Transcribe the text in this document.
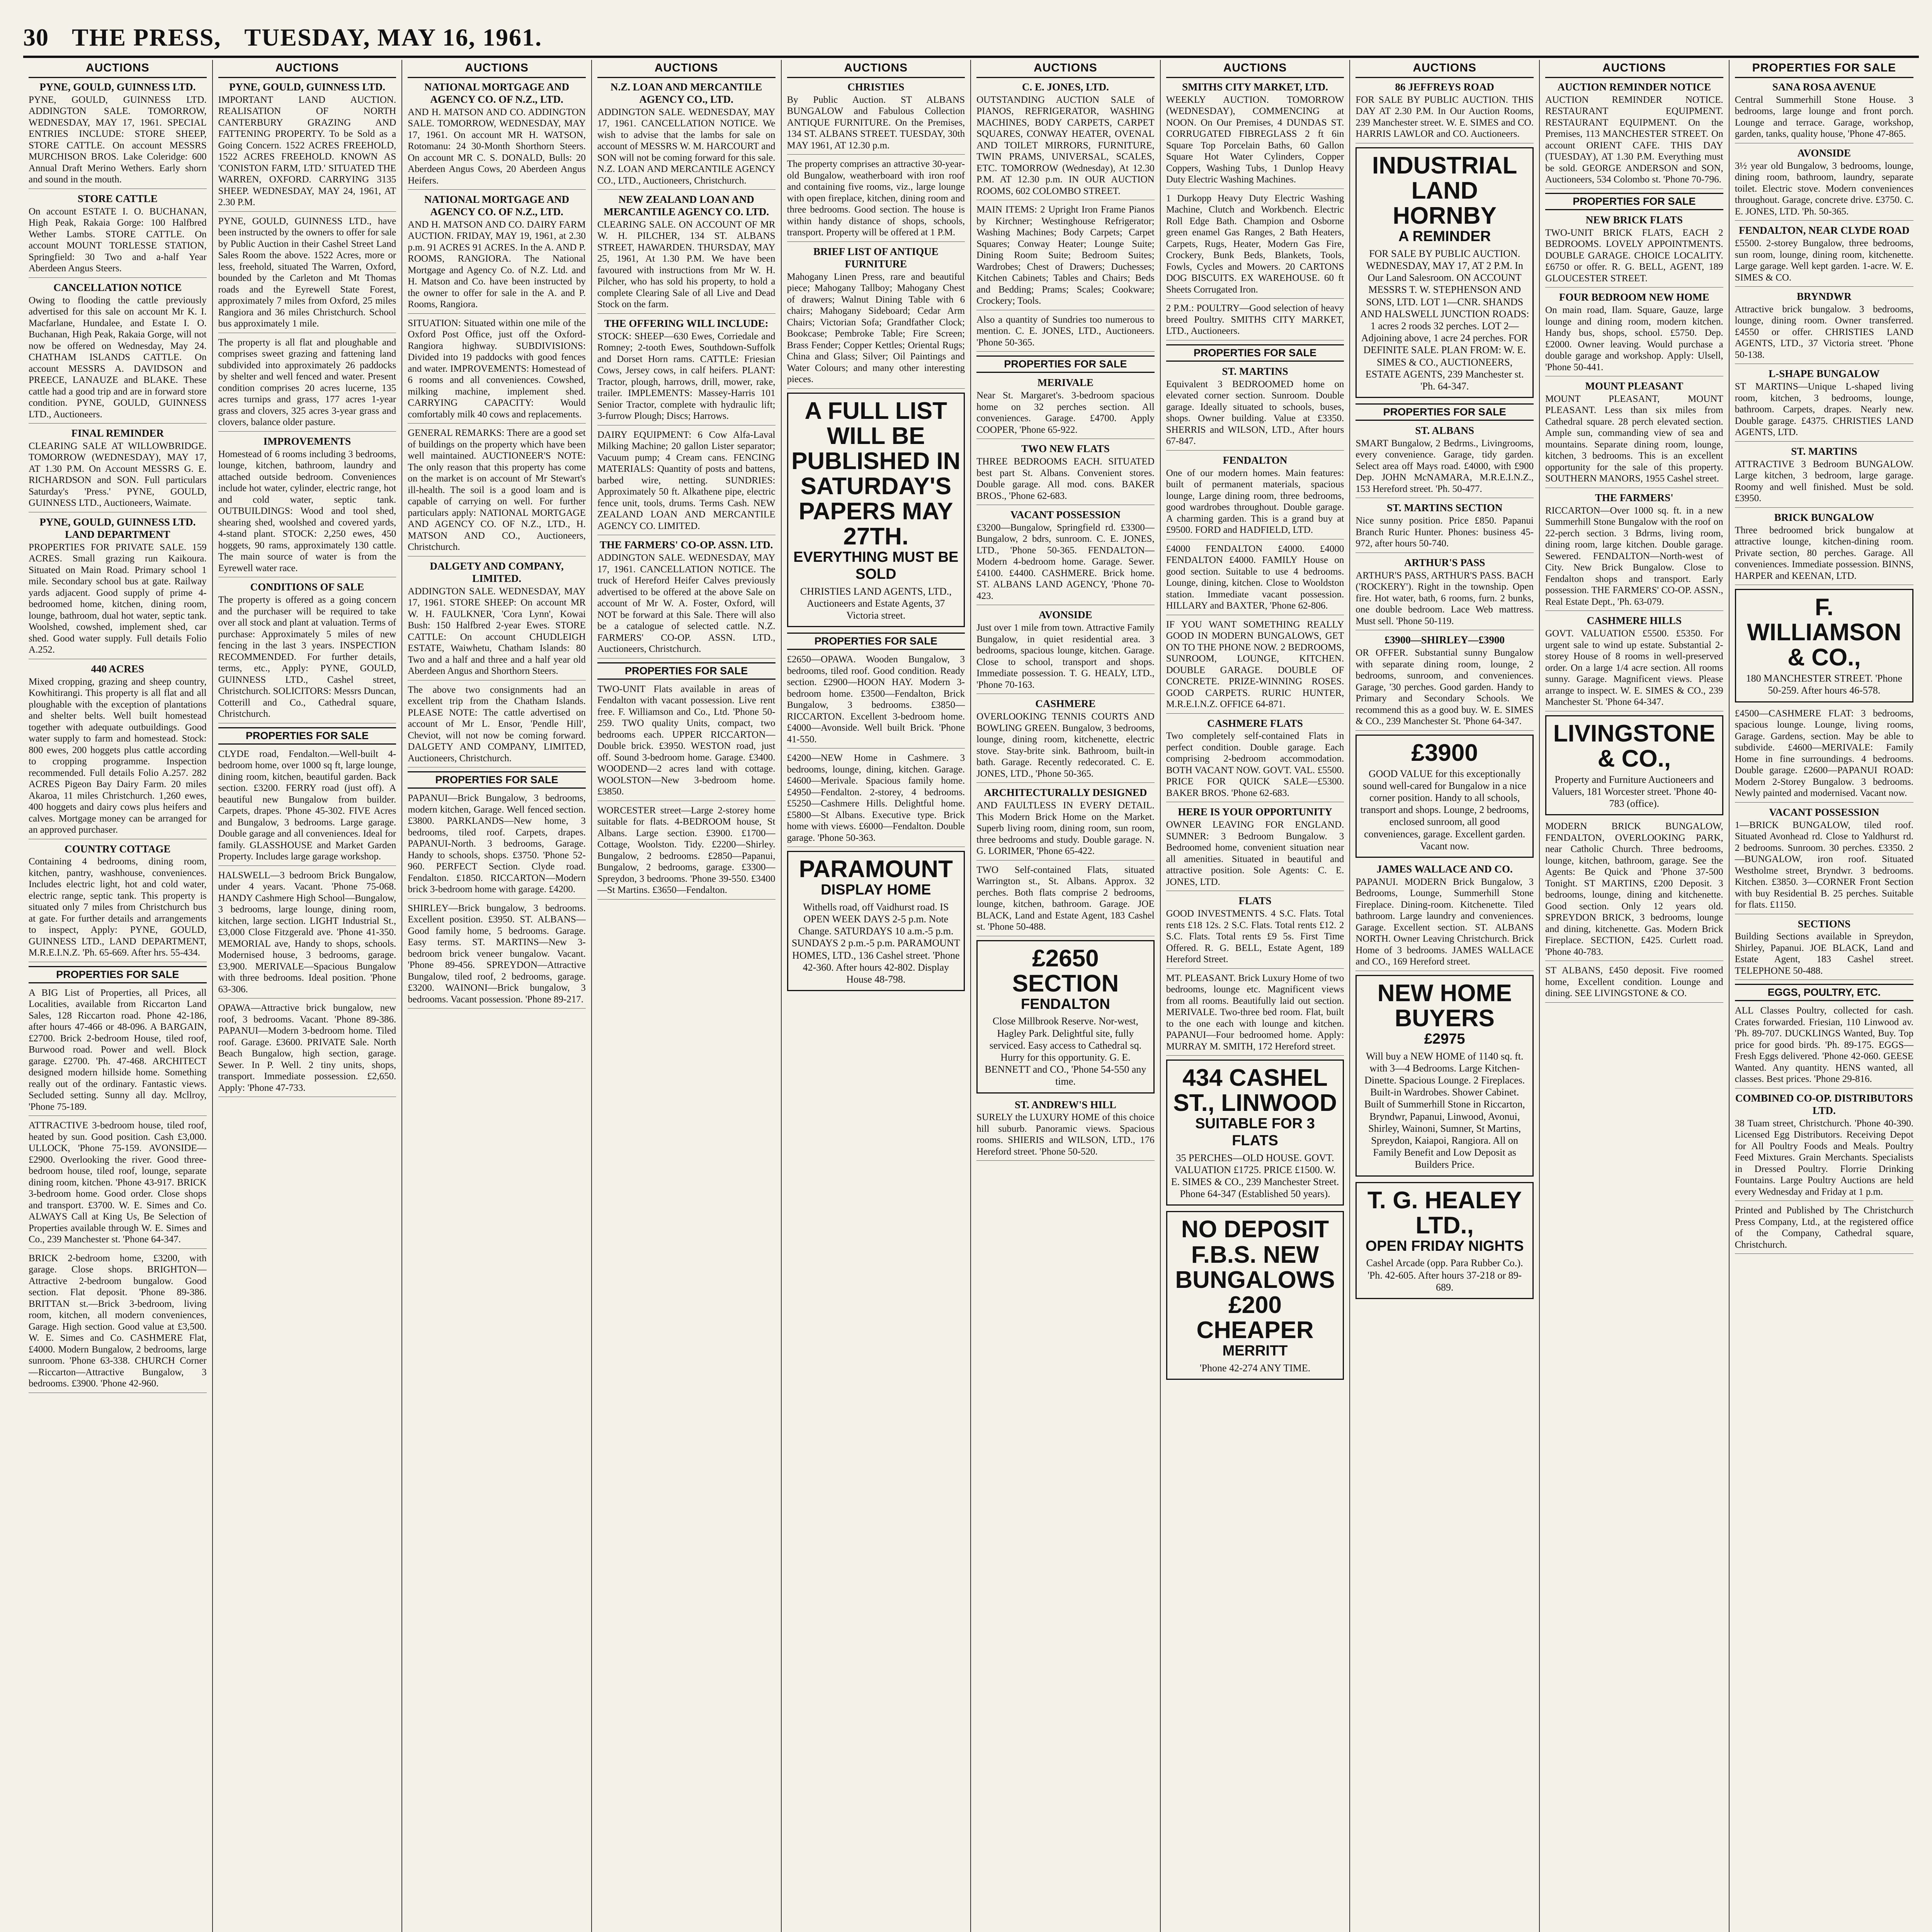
30 THE PRESS, TUESDAY, MAY 16, 1961.
AUCTIONS
PYNE, GOULD, GUINNESS LTD.
PYNE, GOULD, GUINNESS LTD. ADDINGTON SALE. TOMORROW, WEDNESDAY, MAY 17, 1961. SPECIAL ENTRIES INCLUDE: STORE SHEEP, STORE CATTLE. On account MESSRS MURCHISON BROS. Lake Coleridge: 600 Annual Draft Merino Wethers. Early shorn and sound in the mouth.
STORE CATTLE
On account ESTATE I. O. BUCHANAN, High Peak, Rakaia Gorge: 100 Halfbred Wether Lambs. STORE CATTLE. On account MOUNT TORLESSE STATION, Springfield: 30 Two and a-half Year Aberdeen Angus Steers.
CANCELLATION NOTICE
Owing to flooding the cattle previously advertised for this sale on account Mr K. I. Macfarlane, Hundalee, and Estate I. O. Buchanan, High Peak, Rakaia Gorge, will not now be offered on Wednesday, May 24. CHATHAM ISLANDS CATTLE. On account MESSRS A. DAVIDSON and PREECE, LANAUZE and BLAKE. These cattle had a good trip and are in forward store condition. PYNE, GOULD, GUINNESS LTD., Auctioneers.
FINAL REMINDER
CLEARING SALE AT WILLOWBRIDGE. TOMORROW (WEDNESDAY), MAY 17, AT 1.30 P.M. On Account MESSRS G. E. RICHARDSON and SON. Full particulars Saturday's 'Press.' PYNE, GOULD, GUINNESS LTD., Auctioneers, Waimate.
PYNE, GOULD, GUINNESS LTD. LAND DEPARTMENT
PROPERTIES FOR PRIVATE SALE. 159 ACRES. Small grazing run Kaikoura. Situated on Main Road. Primary school 1 mile. Secondary school bus at gate. Railway yards adjacent. Good supply of prime 4-bedroomed home, kitchen, dining room, lounge, bathroom, dual hot water, septic tank. Woolshed, cowshed, implement shed, car shed. Good water supply. Full details Folio A.252.
440 ACRES
Mixed cropping, grazing and sheep country, Kowhitirangi. This property is all flat and all ploughable with the exception of plantations and shelter belts. Well built homestead together with adequate outbuildings. Good water supply to farm and homestead. Stock: 800 ewes, 200 hoggets plus cattle according to cropping programme. Inspection recommended. Full details Folio A.257. 282 ACRES Pigeon Bay Dairy Farm. 20 miles Akaroa, 11 miles Christchurch. 1,260 ewes, 400 hoggets and dairy cows plus heifers and calves. Mortgage money can be arranged for an approved purchaser.
COUNTRY COTTAGE
Containing 4 bedrooms, dining room, kitchen, pantry, washhouse, conveniences. Includes electric light, hot and cold water, electric range, septic tank. This property is situated only 7 miles from Christchurch bus at gate. For further details and arrangements to inspect, Apply: PYNE, GOULD, GUINNESS LTD., LAND DEPARTMENT, M.R.E.I.N.Z. 'Ph. 65-669. After hrs. 55-434.
PROPERTIES FOR SALE
A BIG List of Properties, all Prices, all Localities, available from Riccarton Land Sales, 128 Riccarton road. Phone 42-186, after hours 47-466 or 48-096. A BARGAIN, £2700. Brick 2-bedroom House, tiled roof, Burwood road. Power and well. Block garage. £2700. 'Ph. 47-468. ARCHITECT designed modern hillside home. Something really out of the ordinary. Fantastic views. Secluded setting. Sunny all day. Mcllroy, 'Phone 75-189.
ATTRACTIVE 3-bedroom house, tiled roof, heated by sun. Good position. Cash £3,000. ULLOCK, 'Phone 75-159. AVONSIDE—£2900. Overlooking the river. Good three-bedroom house, tiled roof, lounge, separate dining room, kitchen. 'Phone 43-917. BRICK 3-bedroom home. Good order. Close shops and transport. £3700. W. E. Simes and Co. ALWAYS Call at King Us, Be Selection of Properties available through W. E. Simes and Co., 239 Manchester st. 'Phone 64-347.
BRICK 2-bedroom home, £3200, with garage. Close shops. BRIGHTON—Attractive 2-bedroom bungalow. Good section. Flat deposit. 'Phone 89-386. BRITTAN st.—Brick 3-bedroom, living room, kitchen, all modern conveniences, Garage. High section. Good value at £3,500. W. E. Simes and Co. CASHMERE Flat, £4000. Modern Bungalow, 2 bedrooms, large sunroom. 'Phone 63-338. CHURCH Corner—Riccarton—Attractive Bungalow, 3 bedrooms. £3900. 'Phone 42-960.
AUCTIONS
PYNE, GOULD, GUINNESS LTD.
IMPORTANT LAND AUCTION. REALISATION OF NORTH CANTERBURY GRAZING AND FATTENING PROPERTY. To be Sold as a Going Concern. 1522 ACRES FREEHOLD, 1522 ACRES FREEHOLD. KNOWN AS 'CONISTON FARM, LTD.' SITUATED THE WARREN, OXFORD. CARRYING 3135 SHEEP. WEDNESDAY, MAY 24, 1961, AT 2.30 P.M.
PYNE, GOULD, GUINNESS LTD., have been instructed by the owners to offer for sale by Public Auction in their Cashel Street Land Sales Room the above. 1522 Acres, more or less, freehold, situated The Warren, Oxford, bounded by the Carleton and Mt Thomas roads and the Eyrewell State Forest, approximately 7 miles from Oxford, 25 miles Rangiora and 36 miles Christchurch. School bus approximately 1 mile.
The property is all flat and ploughable and comprises sweet grazing and fattening land subdivided into approximately 26 paddocks by shelter and well fenced and water. Present condition comprises 20 acres lucerne, 135 acres turnips and grass, 177 acres 1-year grass and clovers, 325 acres 3-year grass and clovers, balance older pasture.
IMPROVEMENTS
Homestead of 6 rooms including 3 bedrooms, lounge, kitchen, bathroom, laundry and attached outside bedroom. Conveniences include hot water, cylinder, electric range, hot and cold water, septic tank. OUTBUILDINGS: Wood and tool shed, shearing shed, woolshed and covered yards, 4-stand plant. STOCK: 2,250 ewes, 450 hoggets, 90 rams, approximately 130 cattle. The main source of water is from the Eyrewell water race.
CONDITIONS OF SALE
The property is offered as a going concern and the purchaser will be required to take over all stock and plant at valuation. Terms of purchase: Approximately 5 miles of new fencing in the last 3 years. INSPECTION RECOMMENDED. For further details, terms, etc., Apply: PYNE, GOULD, GUINNESS LTD., Cashel street, Christchurch. SOLICITORS: Messrs Duncan, Cotterill and Co., Cathedral square, Christchurch.
PROPERTIES FOR SALE
CLYDE road, Fendalton.—Well-built 4-bedroom home, over 1000 sq ft, large lounge, dining room, kitchen, beautiful garden. Back section. £3200. FERRY road (just off). A beautiful new Bungalow from builder. Carpets, drapes. 'Phone 45-302. FIVE Acres and Bungalow, 3 bedrooms. Large garage. Double garage and all conveniences. Ideal for family. GLASSHOUSE and Market Garden Property. Includes large garage workshop.
HALSWELL—3 bedroom Brick Bungalow, under 4 years. Vacant. 'Phone 75-068. HANDY Cashmere High School—Bungalow, 3 bedrooms, large lounge, dining room, kitchen, large section. LIGHT Industrial St., £3,000 Close Fitzgerald ave. 'Phone 41-350. MEMORIAL ave, Handy to shops, schools. Modernised house, 3 bedrooms, garage. £3,900. MERIVALE—Spacious Bungalow with three bedrooms. Ideal position. 'Phone 63-306.
OPAWA—Attractive brick bungalow, new roof, 3 bedrooms. Vacant. 'Phone 89-386. PAPANUI—Modern 3-bedroom home. Tiled roof. Garage. £3600. PRIVATE Sale. North Beach Bungalow, high section, garage. Sewer. In P. Well. 2 tiny units, shops, transport. Immediate possession. £2,650. Apply: 'Phone 47-733.
AUCTIONS
NATIONAL MORTGAGE AND AGENCY CO. OF N.Z., LTD.
AND H. MATSON AND CO. ADDINGTON SALE. TOMORROW, WEDNESDAY, MAY 17, 1961. On account MR H. WATSON, Rotomanu: 24 30-Month Shorthorn Steers. On account MR C. S. DONALD, Bulls: 20 Aberdeen Angus Cows, 20 Aberdeen Angus Heifers.
NATIONAL MORTGAGE AND AGENCY CO. OF N.Z., LTD.
AND H. MATSON AND CO. DAIRY FARM AUCTION. FRIDAY, MAY 19, 1961, at 2.30 p.m. 91 ACRES 91 ACRES. In the A. AND P. ROOMS, RANGIORA. The National Mortgage and Agency Co. of N.Z. Ltd. and H. Matson and Co. have been instructed by the owner to offer for sale in the A. and P. Rooms, Rangiora.
SITUATION: Situated within one mile of the Oxford Post Office, just off the Oxford-Rangiora highway. SUBDIVISIONS: Divided into 19 paddocks with good fences and water. IMPROVEMENTS: Homestead of 6 rooms and all conveniences. Cowshed, milking machine, implement shed. CARRYING CAPACITY: Would comfortably milk 40 cows and replacements.
GENERAL REMARKS: There are a good set of buildings on the property which have been well maintained. AUCTIONEER'S NOTE: The only reason that this property has come on the market is on account of Mr Stewart's ill-health. The soil is a good loam and is capable of carrying on well. For further particulars apply: NATIONAL MORTGAGE AND AGENCY CO. OF N.Z., LTD., H. MATSON AND CO., Auctioneers, Christchurch.
DALGETY AND COMPANY, LIMITED.
ADDINGTON SALE. WEDNESDAY, MAY 17, 1961. STORE SHEEP: On account MR W. H. FAULKNER, 'Cora Lynn', Kowai Bush: 150 Halfbred 2-year Ewes. STORE CATTLE: On account CHUDLEIGH ESTATE, Waiwhetu, Chatham Islands: 80 Two and a half and three and a half year old Aberdeen Angus and Shorthorn Steers.
The above two consignments had an excellent trip from the Chatham Islands. PLEASE NOTE: The cattle advertised on account of Mr L. Ensor, 'Pendle Hill', Cheviot, will not now be coming forward. DALGETY AND COMPANY, LIMITED, Auctioneers, Christchurch.
PROPERTIES FOR SALE
PAPANUI—Brick Bungalow, 3 bedrooms, modern kitchen, Garage. Well fenced section. £3800. PARKLANDS—New home, 3 bedrooms, tiled roof. Carpets, drapes. PAPANUI-North. 3 bedrooms, Garage. Handy to schools, shops. £3750. 'Phone 52-960. PERFECT Section. Clyde road. Fendalton. £1850. RICCARTON—Modern brick 3-bedroom home with garage. £4200.
SHIRLEY—Brick bungalow, 3 bedrooms. Excellent position. £3950. ST. ALBANS—Good family home, 5 bedrooms. Garage. Easy terms. ST. MARTINS—New 3-bedroom brick veneer bungalow. Vacant. 'Phone 89-456. SPREYDON—Attractive Bungalow, tiled roof, 2 bedrooms, garage. £3200. WAINONI—Brick bungalow, 3 bedrooms. Vacant possession. 'Phone 89-217.
AUCTIONS
N.Z. LOAN AND MERCANTILE AGENCY CO., LTD.
ADDINGTON SALE. WEDNESDAY, MAY 17, 1961. CANCELLATION NOTICE. We wish to advise that the lambs for sale on account of MESSRS W. M. HARCOURT and SON will not be coming forward for this sale. N.Z. LOAN AND MERCANTILE AGENCY CO., LTD., Auctioneers, Christchurch.
NEW ZEALAND LOAN AND MERCANTILE AGENCY CO. LTD.
CLEARING SALE. ON ACCOUNT OF MR W. H. PILCHER, 134 ST. ALBANS STREET, HAWARDEN. THURSDAY, MAY 25, 1961, At 1.30 P.M. We have been favoured with instructions from Mr W. H. Pilcher, who has sold his property, to hold a complete Clearing Sale of all Live and Dead Stock on the farm.
THE OFFERING WILL INCLUDE:
STOCK: SHEEP—630 Ewes, Corriedale and Romney; 2-tooth Ewes, Southdown-Suffolk and Dorset Horn rams. CATTLE: Friesian Cows, Jersey cows, in calf heifers. PLANT: Tractor, plough, harrows, drill, mower, rake, trailer. IMPLEMENTS: Massey-Harris 101 Senior Tractor, complete with hydraulic lift; 3-furrow Plough; Discs; Harrows.
DAIRY EQUIPMENT: 6 Cow Alfa-Laval Milking Machine; 20 gallon Lister separator; Vacuum pump; 4 Cream cans. FENCING MATERIALS: Quantity of posts and battens, barbed wire, netting. SUNDRIES: Approximately 50 ft. Alkathene pipe, electric fence unit, tools, drums. Terms Cash. NEW ZEALAND LOAN AND MERCANTILE AGENCY CO. LIMITED.
THE FARMERS' CO-OP. ASSN. LTD.
ADDINGTON SALE. WEDNESDAY, MAY 17, 1961. CANCELLATION NOTICE. The truck of Hereford Heifer Calves previously advertised to be offered at the above Sale on account of Mr W. A. Foster, Oxford, will NOT be forward at this Sale. There will also be a catalogue of selected cattle. N.Z. FARMERS' CO-OP. ASSN. LTD., Auctioneers, Christchurch.
PROPERTIES FOR SALE
TWO-UNIT Flats available in areas of Fendalton with vacant possession. Live rent free. F. Williamson and Co., Ltd. 'Phone 50-259. TWO quality Units, compact, two bedrooms each. UPPER RICCARTON—Double brick. £3950. WESTON road, just off. Sound 3-bedroom home. Garage. £3400. WOODEND—2 acres land with cottage. WOOLSTON—New 3-bedroom home. £3850.
WORCESTER street—Large 2-storey home suitable for flats. 4-BEDROOM house, St Albans. Large section. £3900. £1700—Cottage, Woolston. Tidy. £2200—Shirley. Bungalow, 2 bedrooms. £2850—Papanui, Bungalow, 2 bedrooms, garage. £3300—Spreydon, 3 bedrooms. 'Phone 39-550. £3400—St Martins. £3650—Fendalton.
AUCTIONS
CHRISTIES
By Public Auction. ST ALBANS BUNGALOW and Fabulous Collection ANTIQUE FURNITURE. On the Premises, 134 ST. ALBANS STREET. TUESDAY, 30th MAY 1961, AT 12.30 p.m.
The property comprises an attractive 30-year-old Bungalow, weatherboard with iron roof and containing five rooms, viz., large lounge with open fireplace, kitchen, dining room and three bedrooms. Good section. The house is within handy distance of shops, schools, transport. Property will be offered at 1 P.M.
BRIEF LIST OF ANTIQUE FURNITURE
Mahogany Linen Press, rare and beautiful piece; Mahogany Tallboy; Mahogany Chest of drawers; Walnut Dining Table with 6 chairs; Mahogany Sideboard; Cedar Arm Chairs; Victorian Sofa; Grandfather Clock; Bookcase; Pembroke Table; Fire Screen; Brass Fender; Copper Kettles; Oriental Rugs; China and Glass; Silver; Oil Paintings and Water Colours; and many other interesting pieces.
A FULL LIST WILL BE PUBLISHED IN SATURDAY'S PAPERS MAY 27TH.
EVERYTHING MUST BE SOLD
CHRISTIES LAND AGENTS, LTD., Auctioneers and Estate Agents, 37 Victoria street.
PROPERTIES FOR SALE
£2650—OPAWA. Wooden Bungalow, 3 bedrooms, tiled roof. Good condition. Ready section. £2900—HOON HAY. Modern 3-bedroom home. £3500—Fendalton, Brick Bungalow, 3 bedrooms. £3850—RICCARTON. Excellent 3-bedroom home. £4000—Avonside. Well built Brick. 'Phone 41-550.
£4200—NEW Home in Cashmere. 3 bedrooms, lounge, dining, kitchen. Garage. £4600—Merivale. Spacious family home. £4950—Fendalton. 2-storey, 4 bedrooms. £5250—Cashmere Hills. Delightful home. £5800—St Albans. Executive type. Brick home with views. £6000—Fendalton. Double garage. 'Phone 50-363.
PARAMOUNT
DISPLAY HOME
Withells road, off Vaidhurst road. IS OPEN WEEK DAYS 2-5 p.m. Note Change. SATURDAYS 10 a.m.-5 p.m. SUNDAYS 2 p.m.-5 p.m. PARAMOUNT HOMES, LTD., 136 Cashel street. 'Phone 42-360. After hours 42-802. Display House 48-798.
AUCTIONS
C. E. JONES, LTD.
OUTSTANDING AUCTION SALE of PIANOS, REFRIGERATOR, WASHING MACHINES, BODY CARPETS, CARPET SQUARES, CONWAY HEATER, OVENAL AND TOILET MIRRORS, FURNITURE, TWIN PRAMS, UNIVERSAL, SCALES, ETC. TOMORROW (Wednesday), At 12.30 P.M. AT 12.30 p.m. IN OUR AUCTION ROOMS, 602 COLOMBO STREET.
MAIN ITEMS: 2 Upright Iron Frame Pianos by Kirchner; Westinghouse Refrigerator; Washing Machines; Body Carpets; Carpet Squares; Conway Heater; Lounge Suite; Dining Room Suite; Bedroom Suites; Wardrobes; Chest of Drawers; Duchesses; Kitchen Cabinets; Tables and Chairs; Beds and Bedding; Prams; Scales; Cookware; Crockery; Tools.
Also a quantity of Sundries too numerous to mention. C. E. JONES, LTD., Auctioneers. 'Phone 50-365.
PROPERTIES FOR SALE
MERIVALE
Near St. Margaret's. 3-bedroom spacious home on 32 perches section. All conveniences. Garage. £4700. Apply COOPER, 'Phone 65-922.
TWO NEW FLATS
THREE BEDROOMS EACH. SITUATED best part St. Albans. Convenient stores. Double garage. All mod. cons. BAKER BROS., 'Phone 62-683.
VACANT POSSESSION
£3200—Bungalow, Springfield rd. £3300—Bungalow, 2 bdrs, sunroom. C. E. JONES, LTD., 'Phone 50-365. FENDALTON—Modern 4-bedroom home. Garage. Sewer. £4100. £4400. CASHMERE. Brick home. ST. ALBANS LAND AGENCY, 'Phone 70-423.
AVONSIDE
Just over 1 mile from town. Attractive Family Bungalow, in quiet residential area. 3 bedrooms, spacious lounge, kitchen. Garage. Close to school, transport and shops. Immediate possession. T. G. HEALY, LTD., 'Phone 70-163.
CASHMERE
OVERLOOKING TENNIS COURTS AND BOWLING GREEN. Bungalow, 3 bedrooms, lounge, dining room, kitchenette, electric stove. Stay-brite sink. Bathroom, built-in bath. Garage. Recently redecorated. C. E. JONES, LTD., 'Phone 50-365.
ARCHITECTURALLY DESIGNED
AND FAULTLESS IN EVERY DETAIL. This Modern Brick Home on the Market. Superb living room, dining room, sun room, three bedrooms and study. Double garage. N. G. LORIMER, 'Phone 65-422.
TWO Self-contained Flats, situated Warrington st., St. Albans. Approx. 32 perches. Both flats comprise 2 bedrooms, lounge, kitchen, bathroom. Garage. JOE BLACK, Land and Estate Agent, 183 Cashel st. 'Phone 50-488.
£2650 SECTION
FENDALTON
Close Millbrook Reserve. Nor-west, Hagley Park. Delightful site, fully serviced. Easy access to Cathedral sq. Hurry for this opportunity. G. E. BENNETT and CO., 'Phone 54-550 any time.
ST. ANDREW'S HILL
SURELY the LUXURY HOME of this choice hill suburb. Panoramic views. Spacious rooms. SHIERIS and WILSON, LTD., 176 Hereford street. 'Phone 50-520.
AUCTIONS
SMITHS CITY MARKET, LTD.
WEEKLY AUCTION. TOMORROW (WEDNESDAY), COMMENCING at NOON. On Our Premises, 4 DUNDAS ST. CORRUGATED FIBREGLASS 2 ft 6in Square Top Porcelain Baths, 60 Gallon Square Hot Water Cylinders, Copper Coppers, Washing Tubs, 1 Dunlop Heavy Duty Electric Washing Machines.
1 Durkopp Heavy Duty Electric Washing Machine, Clutch and Workbench. Electric Roll Edge Bath. Champion and Osborne green enamel Gas Ranges, 2 Bath Heaters, Carpets, Rugs, Heater, Modern Gas Fire, Crockery, Bunk Beds, Blankets, Tools, Fowls, Cycles and Mowers. 20 CARTONS DOG BISCUITS. EX WAREHOUSE. 60 ft Sheets Corrugated Iron.
2 P.M.: POULTRY—Good selection of heavy breed Poultry. SMITHS CITY MARKET, LTD., Auctioneers.
PROPERTIES FOR SALE
ST. MARTINS
Equivalent 3 BEDROOMED home on elevated corner section. Sunroom. Double garage. Ideally situated to schools, buses, shops. Owner building. Value at £3350. SHERRIS and WILSON, LTD., After hours 67-847.
FENDALTON
One of our modern homes. Main features: built of permanent materials, spacious lounge, Large dining room, three bedrooms, good wardrobes throughout. Double garage. A charming garden. This is a grand buy at £9500. FORD and HADFIELD, LTD.
£4000 FENDALTON £4000. £4000 FENDALTON £4000. FAMILY House on good section. Suitable to use 4 bedrooms. Lounge, dining, kitchen. Close to Wooldston station. Immediate vacant possession. HILLARY and BAXTER, 'Phone 62-806.
IF YOU WANT SOMETHING REALLY GOOD IN MODERN BUNGALOWS, GET ON TO THE PHONE NOW. 2 BEDROOMS, SUNROOM, LOUNGE, KITCHEN. DOUBLE GARAGE. DOUBLE OF CONCRETE. PRIZE-WINNING ROSES. GOOD CARPETS. RURIC HUNTER, M.R.E.I.N.Z. OFFICE 64-871.
CASHMERE FLATS
Two completely self-contained Flats in perfect condition. Double garage. Each comprising 2-bedroom accommodation. BOTH VACANT NOW. GOVT. VAL. £5500. PRICE FOR QUICK SALE—£5300. BAKER BROS. 'Phone 62-683.
HERE IS YOUR OPPORTUNITY
OWNER LEAVING FOR ENGLAND. SUMNER: 3 Bedroom Bungalow. 3 Bedroomed home, convenient situation near all amenities. Situated in beautiful and attractive position. Sole Agents: C. E. JONES, LTD.
FLATS
GOOD INVESTMENTS. 4 S.C. Flats. Total rents £18 12s. 2 S.C. Flats. Total rents £12. 2 S.C. Flats. Total rents £9 5s. First Time Offered. R. G. BELL, Estate Agent, 189 Hereford Street.
MT. PLEASANT. Brick Luxury Home of two bedrooms, lounge etc. Magnificent views from all rooms. Beautifully laid out section. MERIVALE. Two-three bed room. Flat, built to the one each with lounge and kitchen. PAPANUI—Four bedroomed home. Apply: MURRAY M. SMITH, 172 Hereford street.
434 CASHEL ST., LINWOOD
SUITABLE FOR 3 FLATS
35 PERCHES—OLD HOUSE. GOVT. VALUATION £1725. PRICE £1500. W. E. SIMES & CO., 239 Manchester Street. Phone 64-347 (Established 50 years).
NO DEPOSIT F.B.S. NEW BUNGALOWS £200 CHEAPER
MERRITT
'Phone 42-274 ANY TIME.
AUCTIONS
86 JEFFREYS ROAD
FOR SALE BY PUBLIC AUCTION. THIS DAY AT 2.30 P.M. In Our Auction Rooms, 239 Manchester street. W. E. SIMES and CO. HARRIS LAWLOR and CO. Auctioneers.
INDUSTRIAL LAND HORNBY
A REMINDER
FOR SALE BY PUBLIC AUCTION. WEDNESDAY, MAY 17, AT 2 P.M. In Our Land Salesroom. ON ACCOUNT MESSRS T. W. STEPHENSON AND SONS, LTD. LOT 1—CNR. SHANDS AND HALSWELL JUNCTION ROADS: 1 acres 2 roods 32 perches. LOT 2—Adjoining above, 1 acre 24 perches. FOR DEFINITE SALE. PLAN FROM: W. E. SIMES & CO., AUCTIONEERS, ESTATE AGENTS, 239 Manchester st. 'Ph. 64-347.
PROPERTIES FOR SALE
ST. ALBANS
SMART Bungalow, 2 Bedrms., Livingrooms, every convenience. Garage, tidy garden. Select area off Mays road. £4000, with £900 Dep. JOHN McNAMARA, M.R.E.I.N.Z., 153 Hereford street. 'Ph. 50-477.
ST. MARTINS SECTION
Nice sunny position. Price £850. Papanui Branch Ruric Hunter. Phones: business 45-972, after hours 50-740.
ARTHUR'S PASS
ARTHUR'S PASS, ARTHUR'S PASS. BACH ('ROCKERY'). Right in the township. Open fire. Hot water, bath, 6 rooms, furn. 2 bunks, one double bedroom. Lace Web mattress. Must sell. 'Phone 50-119.
£3900—SHIRLEY—£3900
OR OFFER. Substantial sunny Bungalow with separate dining room, lounge, 2 bedrooms, sunroom, and conveniences. Garage, '30 perches. Good garden. Handy to Primary and Secondary Schools. We recommend this as a good buy. W. E. SIMES & CO., 239 Manchester St. 'Phone 64-347.
£3900
GOOD VALUE for this exceptionally sound well-cared for Bungalow in a nice corner position. Handy to all schools, transport and shops. Lounge, 2 bedrooms, enclosed sunroom, all good conveniences, garage. Excellent garden. Vacant now.
JAMES WALLACE AND CO.
PAPANUI. MODERN Brick Bungalow, 3 Bedrooms, Lounge, Summerhill Stone Fireplace. Dining-room. Kitchenette. Tiled bathroom. Large laundry and conveniences. Garage. Excellent section. ST. ALBANS NORTH. Owner Leaving Christchurch. Brick Home of 3 bedrooms. JAMES WALLACE and CO., 169 Hereford street.
NEW HOME BUYERS
£2975
Will buy a NEW HOME of 1140 sq. ft. with 3—4 Bedrooms. Large Kitchen-Dinette. Spacious Lounge. 2 Fireplaces. Built-in Wardrobes. Shower Cabinet. Built of Summerhill Stone in Riccarton, Bryndwr, Papanui, Linwood, Avonui, Shirley, Wainoni, Sumner, St Martins, Spreydon, Kaiapoi, Rangiora. All on Family Benefit and Low Deposit as Builders Price.
T. G. HEALEY LTD.,
OPEN FRIDAY NIGHTS
Cashel Arcade (opp. Para Rubber Co.). 'Ph. 42-605. After hours 37-218 or 89-689.
AUCTIONS
AUCTION REMINDER NOTICE
AUCTION REMINDER NOTICE. RESTAURANT EQUIPMENT. RESTAURANT EQUIPMENT. On the Premises, 113 MANCHESTER STREET. On account ORIENT CAFE. THIS DAY (TUESDAY), AT 1.30 P.M. Everything must be sold. GEORGE ANDERSON and SON, Auctioneers, 534 Colombo st. 'Phone 70-796.
PROPERTIES FOR SALE
NEW BRICK FLATS
TWO-UNIT BRICK FLATS, EACH 2 BEDROOMS. LOVELY APPOINTMENTS. DOUBLE GARAGE. CHOICE LOCALITY. £6750 or offer. R. G. BELL, AGENT, 189 GLOUCESTER STREET.
FOUR BEDROOM NEW HOME
On main road, Ilam. Square, Gauze, large lounge and dining room, modern kitchen. Handy bus, shops, school. £5750. Dep. £2000. Owner leaving. Would purchase a double garage and workshop. Apply: Ulsell, 'Phone 50-441.
MOUNT PLEASANT
MOUNT PLEASANT, MOUNT PLEASANT. Less than six miles from Cathedral square. 28 perch elevated section. Ample sun, commanding view of sea and mountains. Separate dining room, lounge, kitchen, 3 bedrooms. This is an excellent opportunity for the sale of this property. SOUTHERN MANORS, 1955 Cashel street.
THE FARMERS'
RICCARTON—Over 1000 sq. ft. in a new Summerhill Stone Bungalow with the roof on 22-perch section. 3 Bdrms, living room, dining room, large kitchen. Double garage. Sewered. FENDALTON—North-west of City. New Brick Bungalow. Close to Fendalton shops and transport. Early possession. THE FARMERS' CO-OP. ASSN., Real Estate Dept., 'Ph. 63-079.
CASHMERE HILLS
GOVT. VALUATION £5500. £5350. For urgent sale to wind up estate. Substantial 2-storey House of 8 rooms in well-preserved order. On a large 1/4 acre section. All rooms sunny. Garage. Magnificent views. Please arrange to inspect. W. E. SIMES & CO., 239 Manchester St. 'Phone 64-347.
LIVINGSTONE & CO.,
Property and Furniture Auctioneers and Valuers, 181 Worcester street. 'Phone 40-783 (office).
MODERN BRICK BUNGALOW, FENDALTON, OVERLOOKING PARK, near Catholic Church. Three bedrooms, lounge, kitchen, bathroom, garage. See the Agents: Be Quick and 'Phone 37-500 Tonight. ST MARTINS, £200 Deposit. 3 bedrooms, lounge, dining and kitchenette. Good section. Only 12 years old. SPREYDON BRICK, 3 bedrooms, lounge and dining, kitchenette. Gas. Modern Brick Fireplace. SECTION, £425. Curlett road. 'Phone 40-783.
ST ALBANS, £450 deposit. Five roomed home, Excellent condition. Lounge and dining. SEE LIVINGSTONE & CO.
PROPERTIES FOR SALE
SANA ROSA AVENUE
Central Summerhill Stone House. 3 bedrooms, large lounge and front porch. Lounge and terrace. Garage, workshop, garden, tanks, quality house, 'Phone 47-865.
AVONSIDE
3½ year old Bungalow, 3 bedrooms, lounge, dining room, bathroom, laundry, separate toilet. Electric stove. Modern conveniences throughout. Garage, concrete drive. £3750. C. E. JONES, LTD. 'Ph. 50-365.
FENDALTON, NEAR CLYDE ROAD
£5500. 2-storey Bungalow, three bedrooms, sun room, lounge, dining room, kitchenette. Large garage. Well kept garden. 1-acre. W. E. SIMES & CO.
BRYNDWR
Attractive brick bungalow. 3 bedrooms, lounge, dining room. Owner transferred. £4550 or offer. CHRISTIES LAND AGENTS, LTD., 37 Victoria street. 'Phone 50-138.
L-SHAPE BUNGALOW
ST MARTINS—Unique L-shaped living room, kitchen, 3 bedrooms, lounge, bathroom. Carpets, drapes. Nearly new. Double garage. £4375. CHRISTIES LAND AGENTS, LTD.
ST. MARTINS
ATTRACTIVE 3 Bedroom BUNGALOW. Large kitchen, 3 bedroom, large garage. Roomy and well finished. Must be sold. £3950.
BRICK BUNGALOW
Three bedroomed brick bungalow at attractive lounge, kitchen-dining room. Private section, 80 perches. Garage. All conveniences. Immediate possession. BINNS, HARPER and KEENAN, LTD.
F. WILLIAMSON & CO.,
180 MANCHESTER STREET. 'Phone 50-259. After hours 46-578.
£4500—CASHMERE FLAT: 3 bedrooms, spacious lounge. Lounge, living rooms, Garage. Gardens, section. May be able to subdivide. £4600—MERIVALE: Family Home in fine surroundings. 4 bedrooms. Double garage. £2600—PAPANUI ROAD: Modern 2-Storey Bungalow. 3 bedrooms. Newly painted and modernised. Vacant now.
VACANT POSSESSION
1—BRICK BUNGALOW, tiled roof. Situated Avonhead rd. Close to Yaldhurst rd. 2 bedrooms. Sunroom. 30 perches. £3350. 2—BUNGALOW, iron roof. Situated Westholme street, Bryndwr. 3 bedrooms. Kitchen. £3850. 3—CORNER Front Section with buy Residential B. 25 perches. Suitable for flats. £1150.
SECTIONS
Building Sections available in Spreydon, Shirley, Papanui. JOE BLACK, Land and Estate Agent, 183 Cashel street. TELEPHONE 50-488.
EGGS, POULTRY, ETC.
ALL Classes Poultry, collected for cash. Crates forwarded. Friesian, 110 Linwood av. 'Ph. 89-707. DUCKLINGS Wanted, Buy. Top price for good birds. 'Ph. 89-175. EGGS—Fresh Eggs delivered. 'Phone 42-060. GEESE Wanted. Any quantity. HENS wanted, all classes. Best prices. 'Phone 29-816.
COMBINED CO-OP. DISTRIBUTORS LTD.
38 Tuam street, Christchurch. 'Phone 40-390. Licensed Egg Distributors. Receiving Depot for All Poultry Foods and Meals. Poultry Feed Mixtures. Grain Merchants. Specialists in Dressed Poultry. Florrie Drinking Fountains. Large Poultry Auctions are held every Wednesday and Friday at 1 p.m.
Printed and Published by The Christchurch Press Company, Ltd., at the registered office of the Company, Cathedral square, Christchurch.
